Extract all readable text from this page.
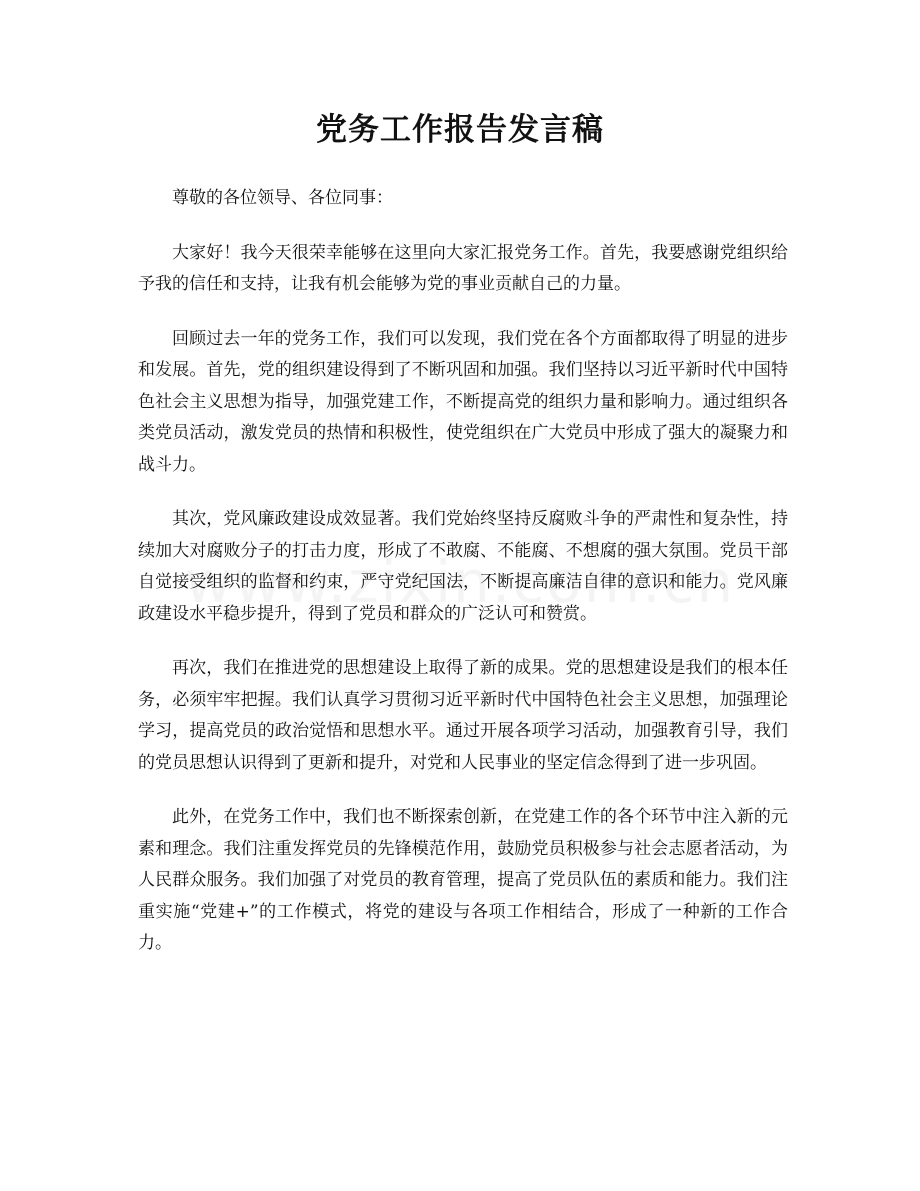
党务工作报告发言稿

尊敬的各位领导、各位同事：

大家好！我今天很荣幸能够在这里向大家汇报党务工作。首先，我要感谢党组织给予我的信任和支持，让我有机会能够为党的事业贡献自己的力量。

回顾过去一年的党务工作，我们可以发现，我们党在各个方面都取得了明显的进步和发展。首先，党的组织建设得到了不断巩固和加强。我们坚持以习近平新时代中国特色社会主义思想为指导，加强党建工作，不断提高党的组织力量和影响力。通过组织各类党员活动，激发党员的热情和积极性，使党组织在广大党员中形成了强大的凝聚力和战斗力。

其次，党风廉政建设成效显著。我们党始终坚持反腐败斗争的严肃性和复杂性，持续加大对腐败分子的打击力度，形成了不敢腐、不能腐、不想腐的强大氛围。党员干部自觉接受组织的监督和约束，严守党纪国法，不断提高廉洁自律的意识和能力。党风廉政建设水平稳步提升，得到了党员和群众的广泛认可和赞赏。

再次，我们在推进党的思想建设上取得了新的成果。党的思想建设是我们的根本任务，必须牢牢把握。我们认真学习贯彻习近平新时代中国特色社会主义思想，加强理论学习，提高党员的政治觉悟和思想水平。通过开展各项学习活动，加强教育引导，我们的党员思想认识得到了更新和提升，对党和人民事业的坚定信念得到了进一步巩固。

此外，在党务工作中，我们也不断探索创新，在党建工作的各个环节中注入新的元素和理念。我们注重发挥党员的先锋模范作用，鼓励党员积极参与社会志愿者活动，为人民群众服务。我们加强了对党员的教育管理，提高了党员队伍的素质和能力。我们注重实施“党建+”的工作模式，将党的建设与各项工作相结合，形成了一种新的工作合力。
